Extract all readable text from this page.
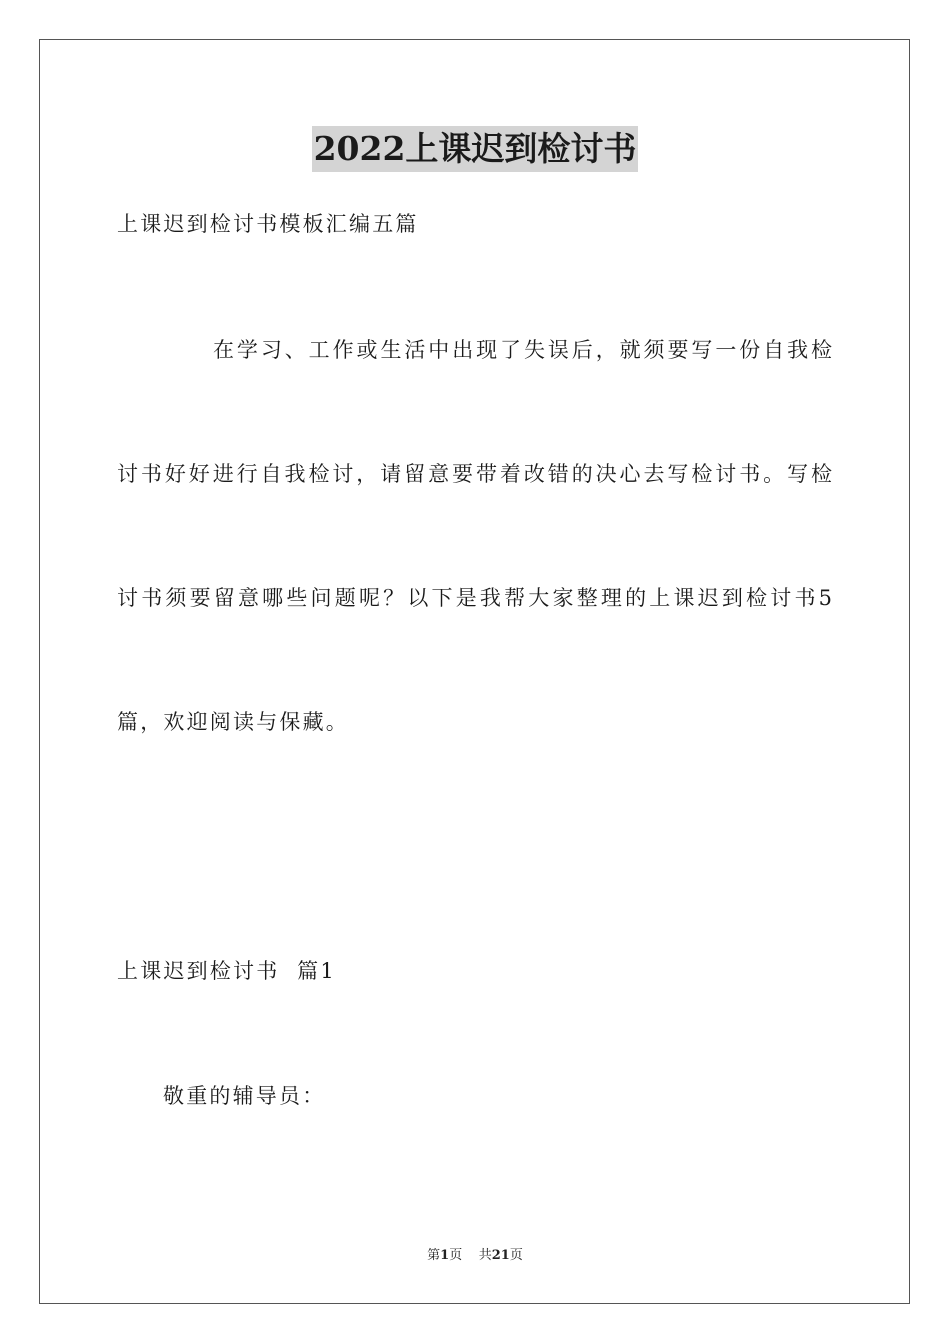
2022上课迟到检讨书
上课迟到检讨书模板汇编五篇
在学习、工作或生活中出现了失误后，就须要写一份自我检
讨书好好进行自我检讨，请留意要带着改错的决心去写检讨书。写检
讨书须要留意哪些问题呢？以下是我帮大家整理的上课迟到检讨书5
篇，欢迎阅读与保藏。
上课迟到检讨书  篇1
敬重的辅导员：
第1页    共21页
